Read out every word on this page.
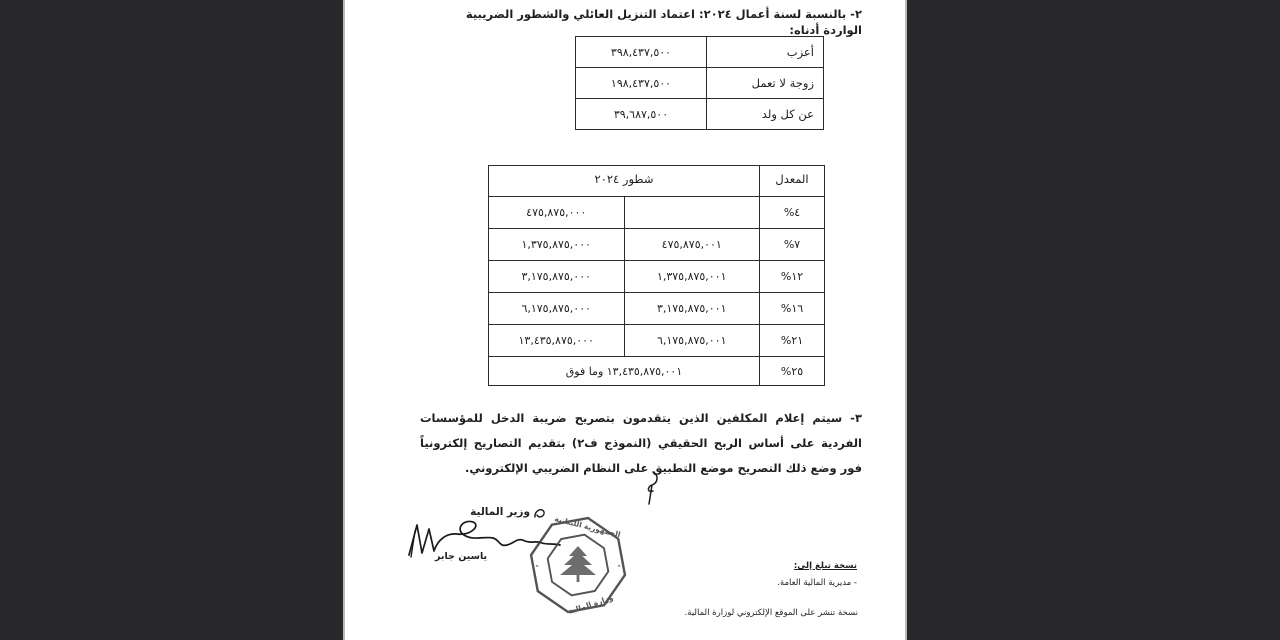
٢- بالنسبة لسنة أعمال ٢٠٢٤: اعتماد التنزيل العائلي والشطور الضريبية الواردة أدناه:
أعزب	٣٩٨,٤٣٧,٥٠٠
زوجة لا تعمل	١٩٨,٤٣٧,٥٠٠
عن كل ولد	٣٩,٦٨٧,٥٠٠
المعدل	شطور ٢٠٢٤	
%٤		٤٧٥,٨٧٥,٠٠٠
%٧	٤٧٥,٨٧٥,٠٠١	١,٣٧٥,٨٧٥,٠٠٠
%١٢	١,٣٧٥,٨٧٥,٠٠١	٣,١٧٥,٨٧٥,٠٠٠
%١٦	٣,١٧٥,٨٧٥,٠٠١	٦,١٧٥,٨٧٥,٠٠٠
%٢١	٦,١٧٥,٨٧٥,٠٠١	١٣,٤٣٥,٨٧٥,٠٠٠
%٢٥	١٣,٤٣٥,٨٧٥,٠٠١ وما فوق	
٣- سيتم إعلام المكلفين الذين يتقدمون بتصريح ضريبة الدخل للمؤسسات الفردية على أساس الربح الحقيقي (النموذج ف٢) بتقديم التصاريح إلكترونياً فور وضع ذلك التصريح موضع التطبيق على النظام الضريبي الإلكتروني.
وزير المالية
ياسين جابر
الجمهورية اللبنانية
وزارة المالية
-	-	نسخة تبلغ إلى:
- مديرية المالية العامة.
نسخة تنشر على الموقع الإلكتروني لوزارة المالية.
